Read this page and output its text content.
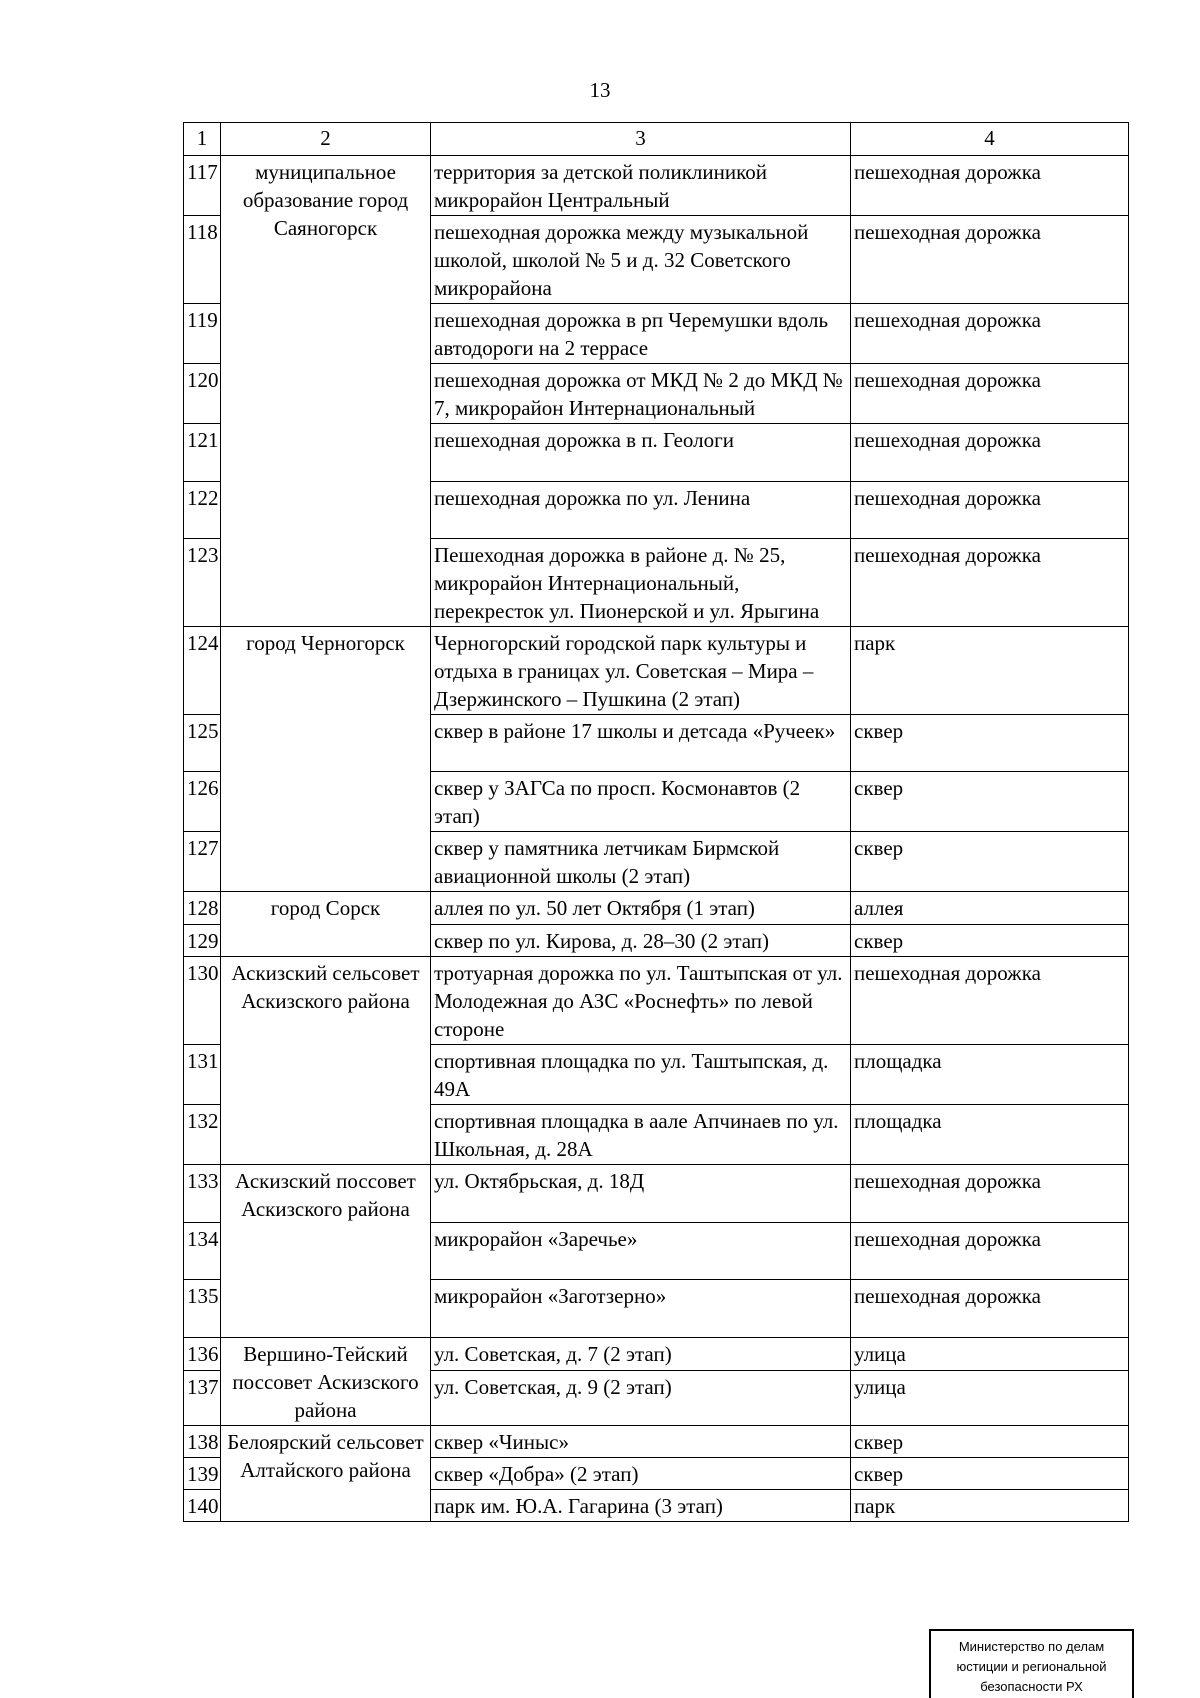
13
1	2	3	4
117	муниципальное образование город Саяногорск	территория за детской поликлиникой микрорайон Центральный	пешеходная дорожка
118		пешеходная дорожка между музыкальной школой, школой № 5 и д. 32 Советского микрорайона	пешеходная дорожка
119		пешеходная дорожка в рп Черемушки вдоль автодороги на 2 террасе	пешеходная дорожка
120		пешеходная дорожка от МКД № 2 до МКД № 7, микрорайон Интернациональный	пешеходная дорожка
121		пешеходная дорожка в п. Геологи	пешеходная дорожка
122		пешеходная дорожка по ул. Ленина	пешеходная дорожка
123		Пешеходная дорожка в районе д. № 25, микрорайон Интернациональный, перекресток ул. Пионерской и ул. Ярыгина	пешеходная дорожка
124	город Черногорск	Черногорский городской парк культуры и отдыха в границах ул. Советская – Мира – Дзержинского – Пушкина (2 этап)	парк
125		сквер в районе 17 школы и детсада «Ручеек»	сквер
126		сквер у ЗАГСа по просп. Космонавтов (2 этап)	сквер
127		сквер у памятника летчикам Бирмской авиационной школы (2 этап)	сквер
128	город Сорск	аллея по ул. 50 лет Октября (1 этап)	аллея
129		сквер по ул. Кирова, д. 28–30 (2 этап)	сквер
130	Аскизский сельсовет Аскизского района	тротуарная дорожка по ул. Таштыпская от ул. Молодежная до АЗС «Роснефть» по левой стороне	пешеходная дорожка
131		спортивная площадка по ул. Таштыпская, д. 49А	площадка
132		спортивная площадка в аале Апчинаев по ул. Школьная, д. 28А	площадка
133	Аскизский поссовет Аскизского района	ул. Октябрьская, д. 18Д	пешеходная дорожка
134		микрорайон «Заречье»	пешеходная дорожка
135		микрорайон «Заготзерно»	пешеходная дорожка
136	Вершино-Тейский поссовет Аскизского района	ул. Советская, д. 7 (2 этап)	улица
137		ул. Советская, д. 9 (2 этап)	улица
138	Белоярский сельсовет Алтайского района	сквер «Чиныс»	сквер
139		сквер «Добра» (2 этап)	сквер
140		парк им. Ю.А. Гагарина (3 этап)	парк
Министерство по делам
юстиции и региональной
безопасности РХ
